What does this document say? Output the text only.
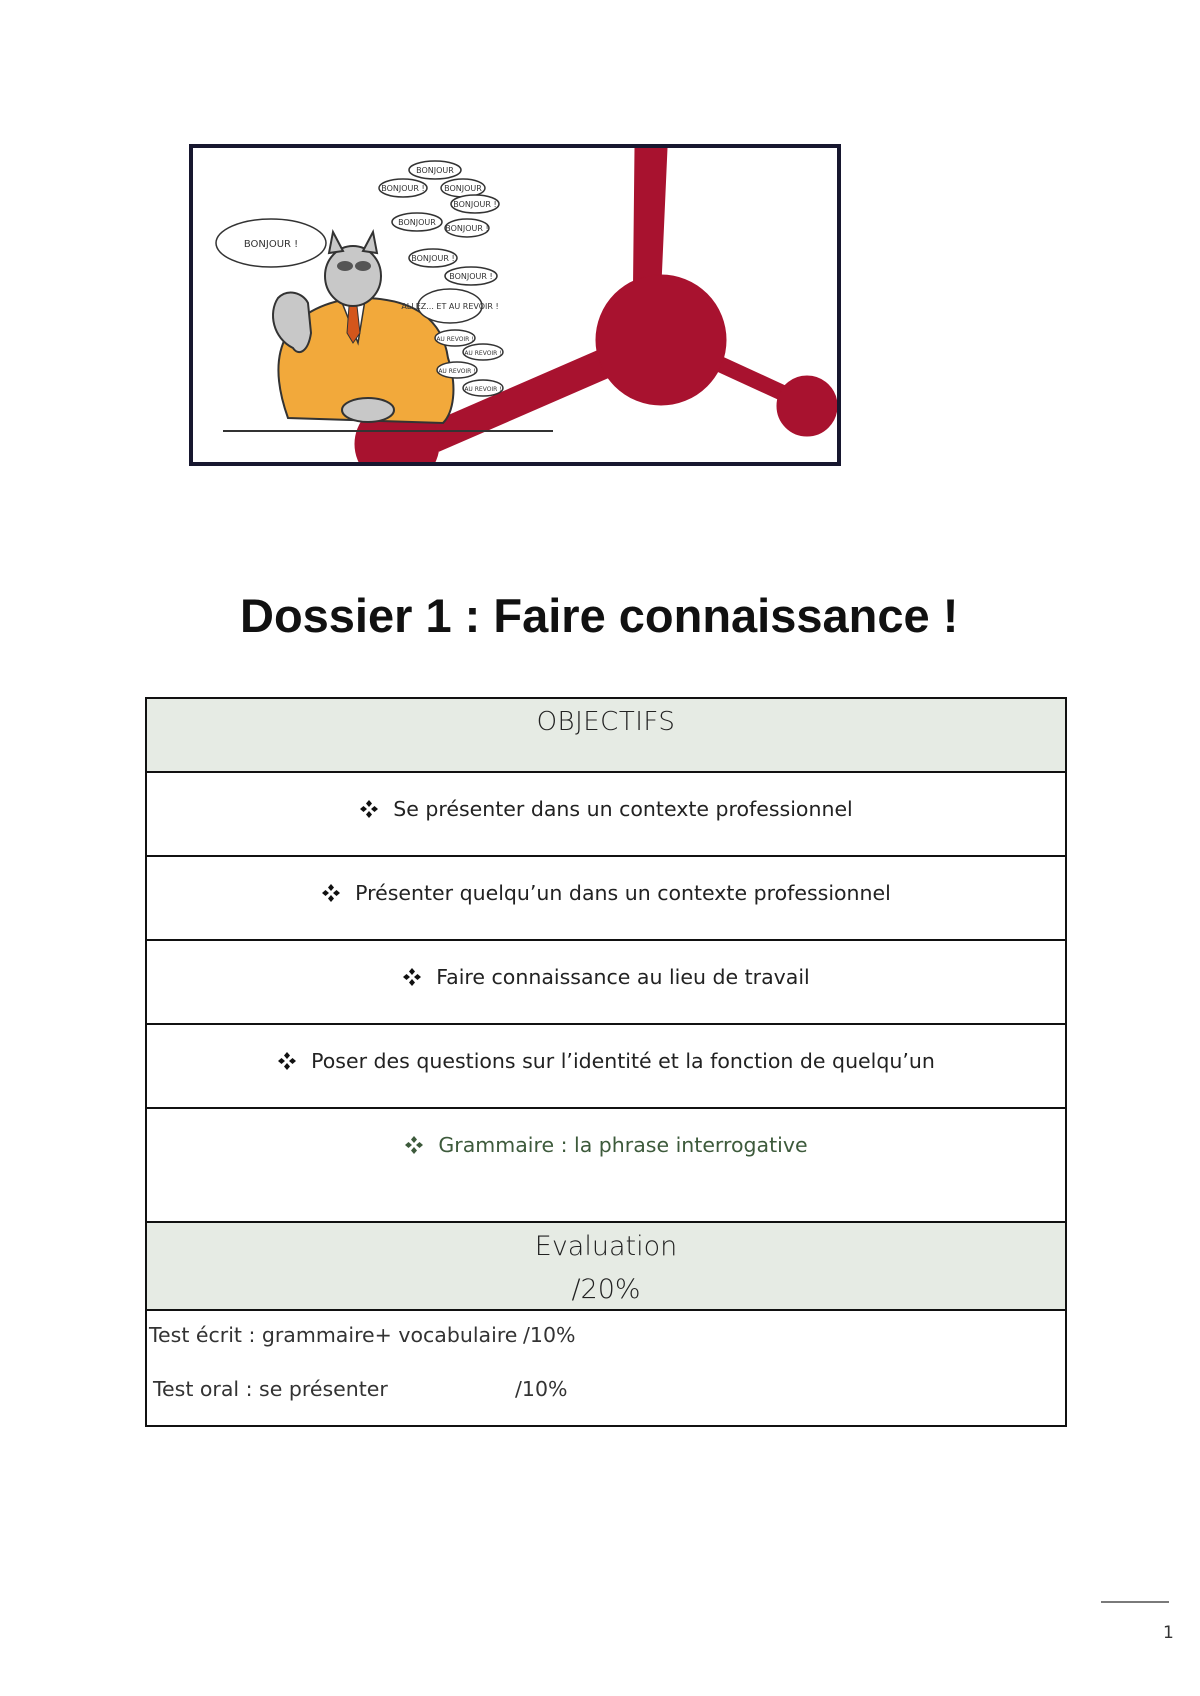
BONJOUR !
BONJOUR
BONJOUR ! BONJOUR
BONJOUR !
BONJOUR
BONJOUR !
BONJOUR !
BONJOUR !
ALLEZ... ET AU REVOIR !
AU REVOIR !
AU REVOIR !
AU REVOIR !
AU REVOIR !
Dossier 1 : Faire connaissance !
OBJECTIFS

Se présenter dans un contexte professionnel

Présenter quelqu’un dans un contexte professionnel

Faire connaissance au lieu de travail

Poser des questions sur l’identité et la fonction de quelqu’un

Grammaire : la phrase interrogative

Evaluation
/20%

Test écrit : grammaire+ vocabulaire /10%
Test oral : se présenter	/10%
1
